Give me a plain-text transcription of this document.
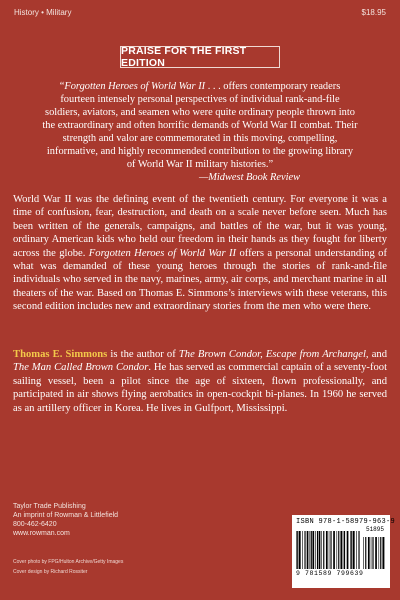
History • Military	$18.95
PRAISE FOR THE FIRST EDITION
“Forgotten Heroes of World War II . . . offers contemporary readers fourteen intensely personal perspectives of individual rank-and-file soldiers, aviators, and seamen who were quite ordinary people thrown into the extraordinary and often horrific demands of World War II combat. Their strength and valor are commemorated in this moving, compelling, informative, and highly recommended contribution to the growing library of World War II military histories.”
—Midwest Book Review
World War II was the defining event of the twentieth century. For everyone it was a time of confusion, fear, destruction, and death on a scale never before seen. Much has been written of the generals, campaigns, and battles of the war, but it was young, ordinary American kids who held our freedom in their hands as they fought for liberty across the globe. Forgotten Heroes of World War II offers a personal understanding of what was demanded of these young heroes through the stories of rank-and-file individuals who served in the navy, marines, army, air corps, and merchant marine in all theaters of the war. Based on Thomas E. Simmons’s interviews with these veterans, this second edition includes new and extraordinary stories from the men who were there.
Thomas E. Simmons is the author of The Brown Condor, Escape from Archangel, and The Man Called Brown Condor. He has served as commercial captain of a seventy-foot sailing vessel, been a pilot since the age of sixteen, flown professionally, and participated in air shows flying aerobatics in open-cockpit bi-planes. In 1960 he served as an artillery officer in Korea. He lives in Gulfport, Mississippi.
Taylor Trade Publishing
An imprint of Rowman & Littlefield
800-462-6420
www.rowman.com
Cover photo by FPG/Hulton Archive/Getty Images
Cover design by Richard Rossiter
ISBN 978-1-58979-963-9
9 781589 799639
51895
